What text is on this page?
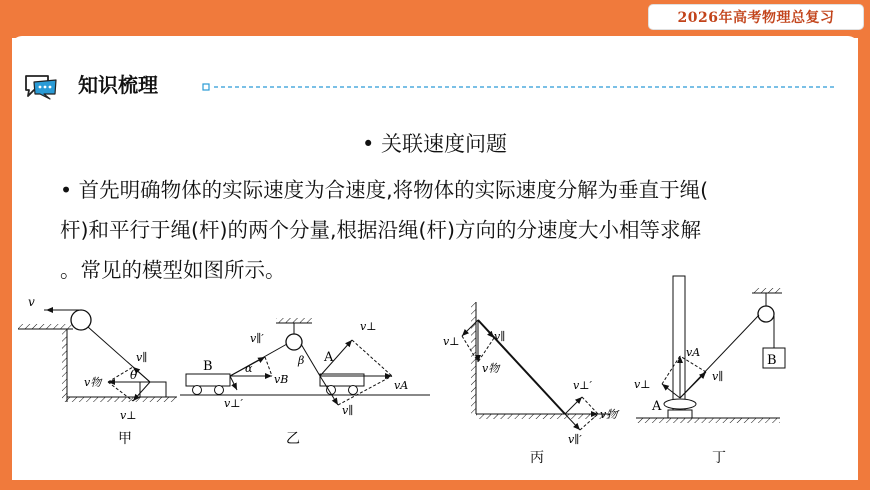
2026年高考物理总复习
知识梳理
• 关联速度问题
• 首先明确物体的实际速度为合速度,将物体的实际速度分解为垂直于绳(
杆)和平行于绳(杆)的两个分量,根据沿绳(杆)方向的分速度大小相等求解
。常见的模型如图所示。
v
v∥
v物
v⊥
θ
甲
B
A
α
β
vB	vA
v∥′
v⊥′
v⊥
v∥
乙
v⊥	v∥
v物
v⊥′
v物′
v∥′
丙
B
A
vA
v⊥
v∥
丁
